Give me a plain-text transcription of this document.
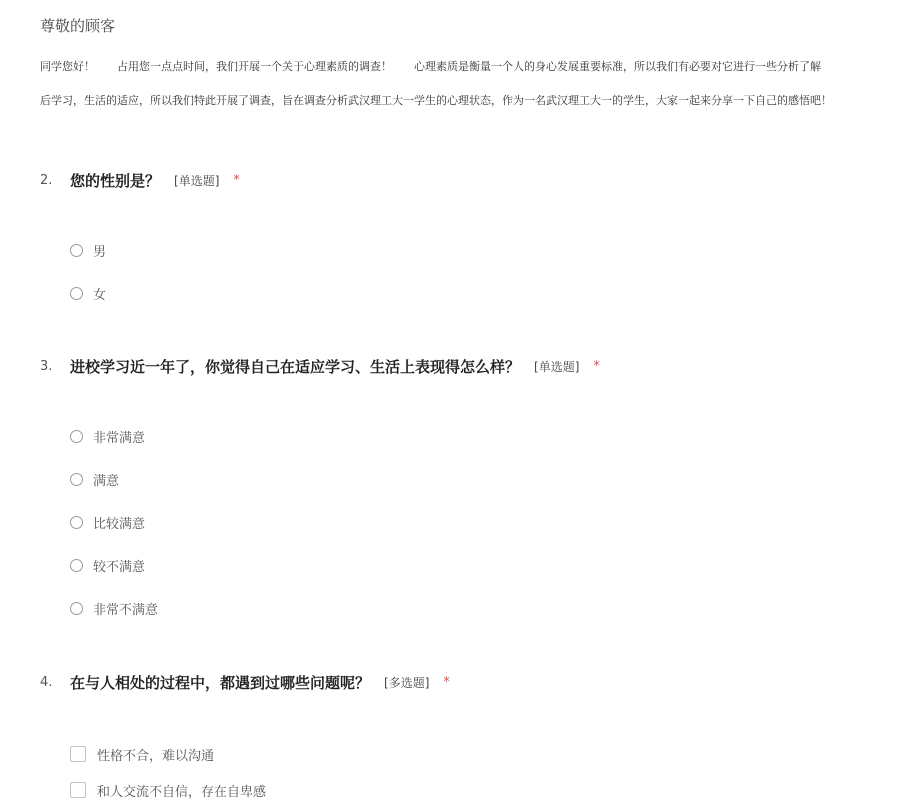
尊敬的顾客
同学您好！　　占用您一点点时间，我们开展一个关于心理素质的调查！　　心理素质是衡量一个人的身心发展重要标准，所以我们有必要对它进行一些分析了解
后学习，生活的适应，所以我们特此开展了调查，旨在调查分析武汉理工大一学生的心理状态，作为一名武汉理工大一的学生，大家一起来分享一下自己的感悟吧！
2.	您的性别是？ [单选题] *
男
女
3.	进校学习近一年了，你觉得自己在适应学习、生活上表现得怎么样？ [单选题] *
非常满意
满意
比较满意
较不满意
非常不满意
4.	在与人相处的过程中，都遇到过哪些问题呢？ [多选题] *
性格不合，难以沟通
和人交流不自信，存在自卑感
